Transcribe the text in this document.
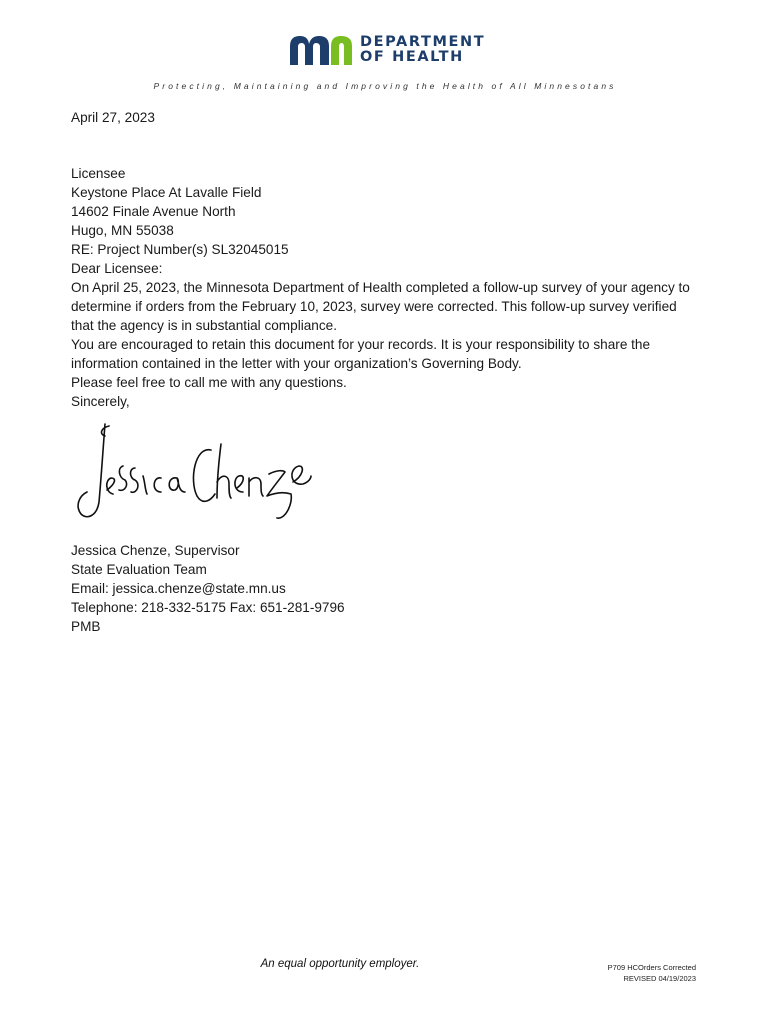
DEPARTMENT
OF HEALTH
Protecting, Maintaining and Improving the Health of All Minnesotans

April 27, 2023

Licensee

Keystone Place At Lavalle Field

14602 Finale Avenue North

Hugo, MN 55038

RE: Project Number(s) SL32045015

Dear Licensee:

On April 25, 2023, the Minnesota Department of Health completed a follow-up survey of your agency to determine if orders from the February 10, 2023, survey were corrected. This follow-up survey verified that the agency is in substantial compliance.

You are encouraged to retain this document for your records. It is your responsibility to share the information contained in the letter with your organization’s Governing Body.

Please feel free to call me with any questions.

Sincerely,

Jessica Chenze, Supervisor

State Evaluation Team

Email: jessica.chenze@state.mn.us

Telephone: 218-332-5175 Fax: 651-281-9796

PMB

An equal opportunity employer.	P709 HCOrders Corrected
REVISED 04/19/2023
